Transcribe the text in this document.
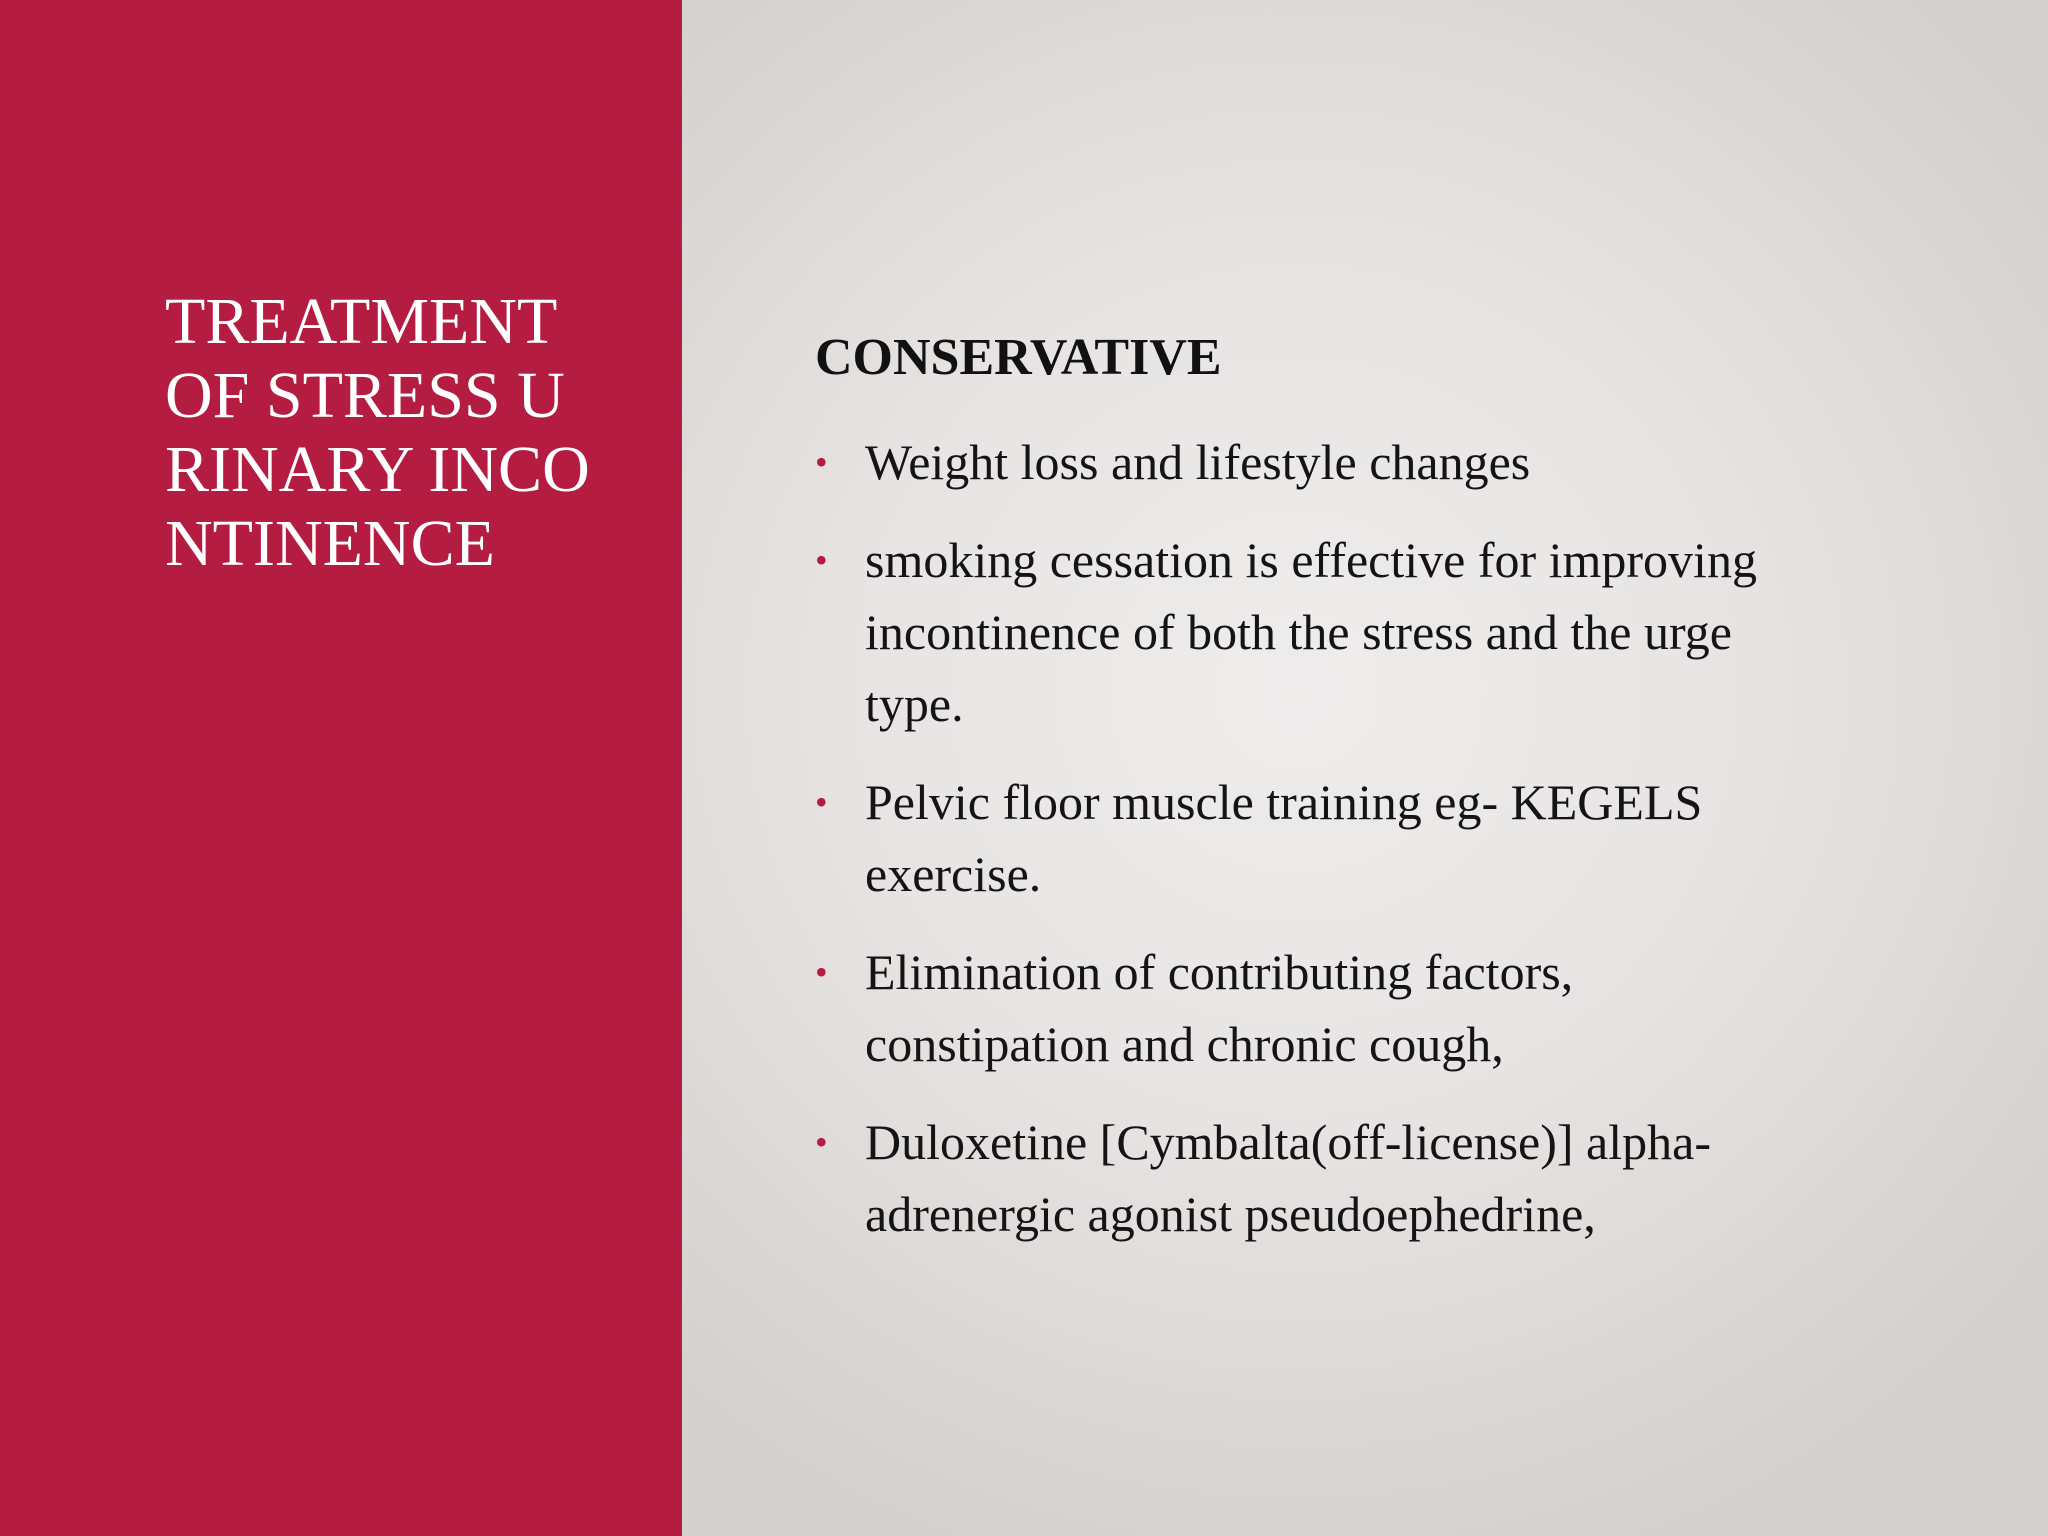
TREATMENT OF STRESS URINARY INCONTINENCE
CONSERVATIVE
• Weight loss and lifestyle changes
• smoking cessation is effective for improving incontinence of both the stress and the urge type.
• Pelvic floor muscle training eg- KEGELS exercise.
• Elimination of contributing factors, constipation and chronic cough,
• Duloxetine [Cymbalta(off-license)] alpha-adrenergic agonist pseudoephedrine,
